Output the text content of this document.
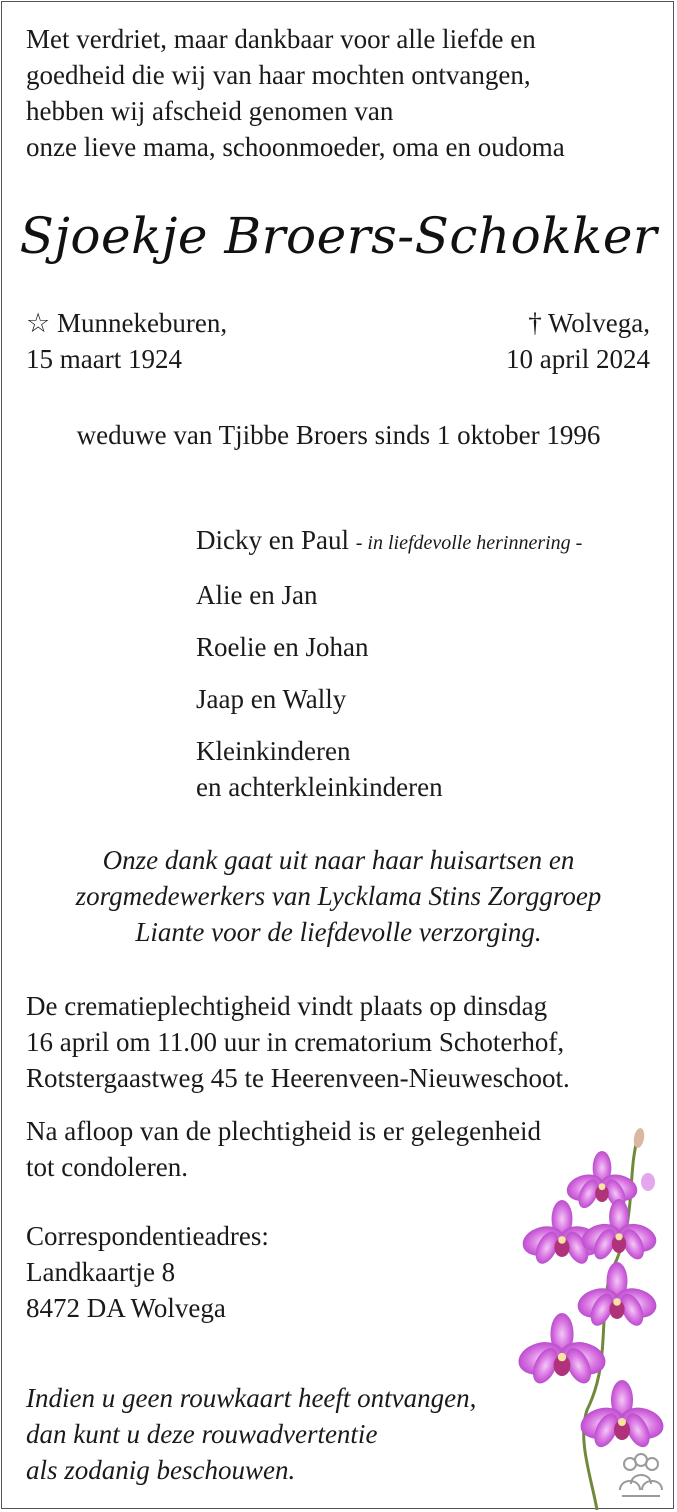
Met verdriet, maar dankbaar voor alle liefde en
goedheid die wij van haar mochten ontvangen,
hebben wij afscheid genomen van
onze lieve mama, schoonmoeder, oma en oudoma
Sjoekje Broers-Schokker
☆ Munnekeburen,
15 maart 1924
† Wolvega,
10 april 2024
weduwe van Tjibbe Broers sinds 1 oktober 1996
Dicky en Paul - in liefdevolle herinnering -
Alie en Jan
Roelie en Johan
Jaap en Wally
Kleinkinderen
en achterkleinkinderen
Onze dank gaat uit naar haar huisartsen en
zorgmedewerkers van Lycklama Stins Zorggroep
Liante voor de liefdevolle verzorging.
De crematieplechtigheid vindt plaats op dinsdag
16 april om 11.00 uur in crematorium Schoterhof,
Rotstergaastweg 45 te Heerenveen-Nieuweschoot.
Na afloop van de plechtigheid is er gelegenheid
tot condoleren.
Correspondentieadres:
Landkaartje 8
8472 DA Wolvega
Indien u geen rouwkaart heeft ontvangen,
dan kunt u deze rouwadvertentie
als zodanig beschouwen.
